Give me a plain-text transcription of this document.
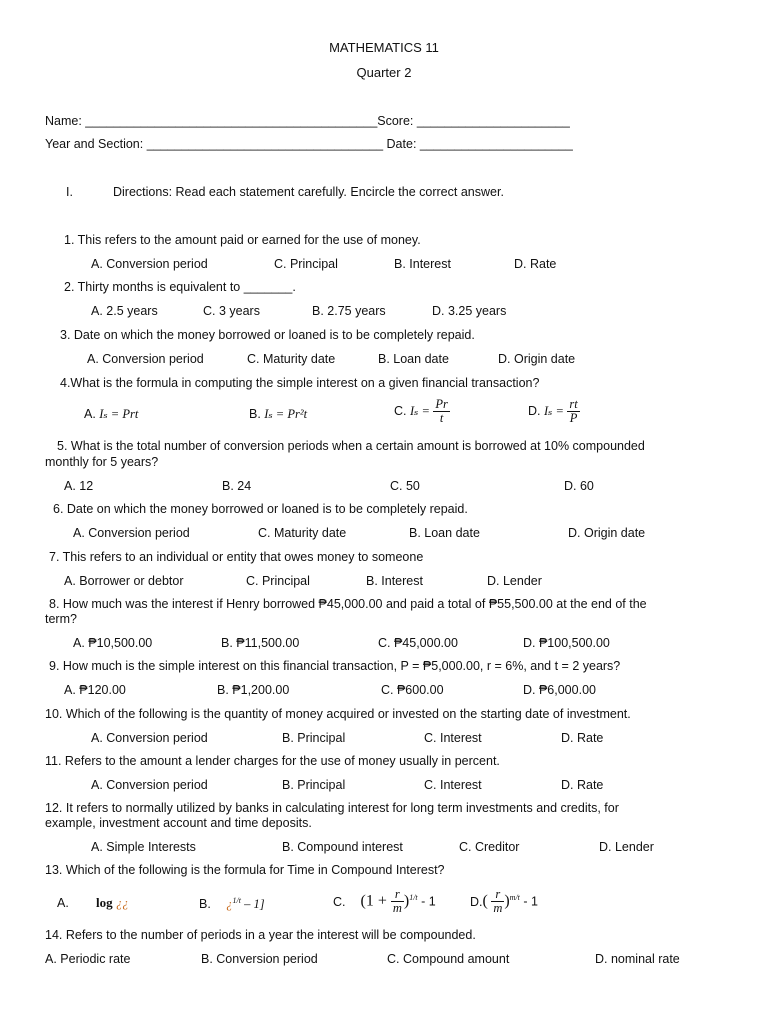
MATHEMATICS 11
Quarter 2
Name: __________________________________________Score: ______________________
Year and Section: __________________________________ Date: ______________________
I.	Directions: Read each statement carefully. Encircle the correct answer.
1. This refers to the amount paid or earned for the use of money.
A. Conversion period	C. Principal	B. Interest	D. Rate
2. Thirty months is equivalent to _______.
A. 2.5 years	C. 3 years	B. 2.75 years	D. 3.25 years
3. Date on which the money borrowed or loaned is to be completely repaid.
A. Conversion period	C. Maturity date	B. Loan date	D. Origin date
4.What is the formula in computing the simple interest on a given financial transaction?
A. Iₛ = Prt	B. Iₛ = Pr²t	C. $I_s = \frac{Pr}{t}$	D. $I_s = \frac{rt}{P}$
5. What is the total number of conversion periods when a certain amount is borrowed at 10% compounded
monthly for 5 years?
A. 12	B. 24	C. 50	D. 60
6. Date on which the money borrowed or loaned is to be completely repaid.
A. Conversion period	C. Maturity date	B. Loan date	D. Origin date
7. This refers to an individual or entity that owes money to someone
A. Borrower or debtor	C. Principal	B. Interest	D. Lender
8. How much was the interest if Henry borrowed ₱45,000.00 and paid a total of ₱55,500.00 at the end of the
term?
A. ₱10,500.00	B. ₱11,500.00	C. ₱45,000.00	D. ₱100,500.00
9. How much is the simple interest on this financial transaction, P = ₱5,000.00, r = 6%, and t = 2 years?
A. ₱120.00	B. ₱1,200.00	C. ₱600.00	D. ₱6,000.00
10. Which of the following is the quantity of money acquired or invested on the starting date of investment.
A. Conversion period	B. Principal	C. Interest	D. Rate
11. Refers to the amount a lender charges for the use of money usually in percent.
A. Conversion period	B. Principal	C. Interest	D. Rate
12. It refers to normally utilized by banks in calculating interest for long term investments and credits, for
example, investment account and time deposits.
A. Simple Interests	B. Compound interest	C. Creditor	D. Lender
13. Which of the following is the formula for Time in Compound Interest?
A. log ¿¿	B. ¿$^{1/t}$ – 1]	C. $(1 + \frac{r}{m} )^{1/t} - 1$	$D.( \frac{r}{m} )^{m/t} - 1$
14. Refers to the number of periods in a year the interest will be compounded.
A. Periodic rate	B. Conversion period	C. Compound amount	D. nominal rate
